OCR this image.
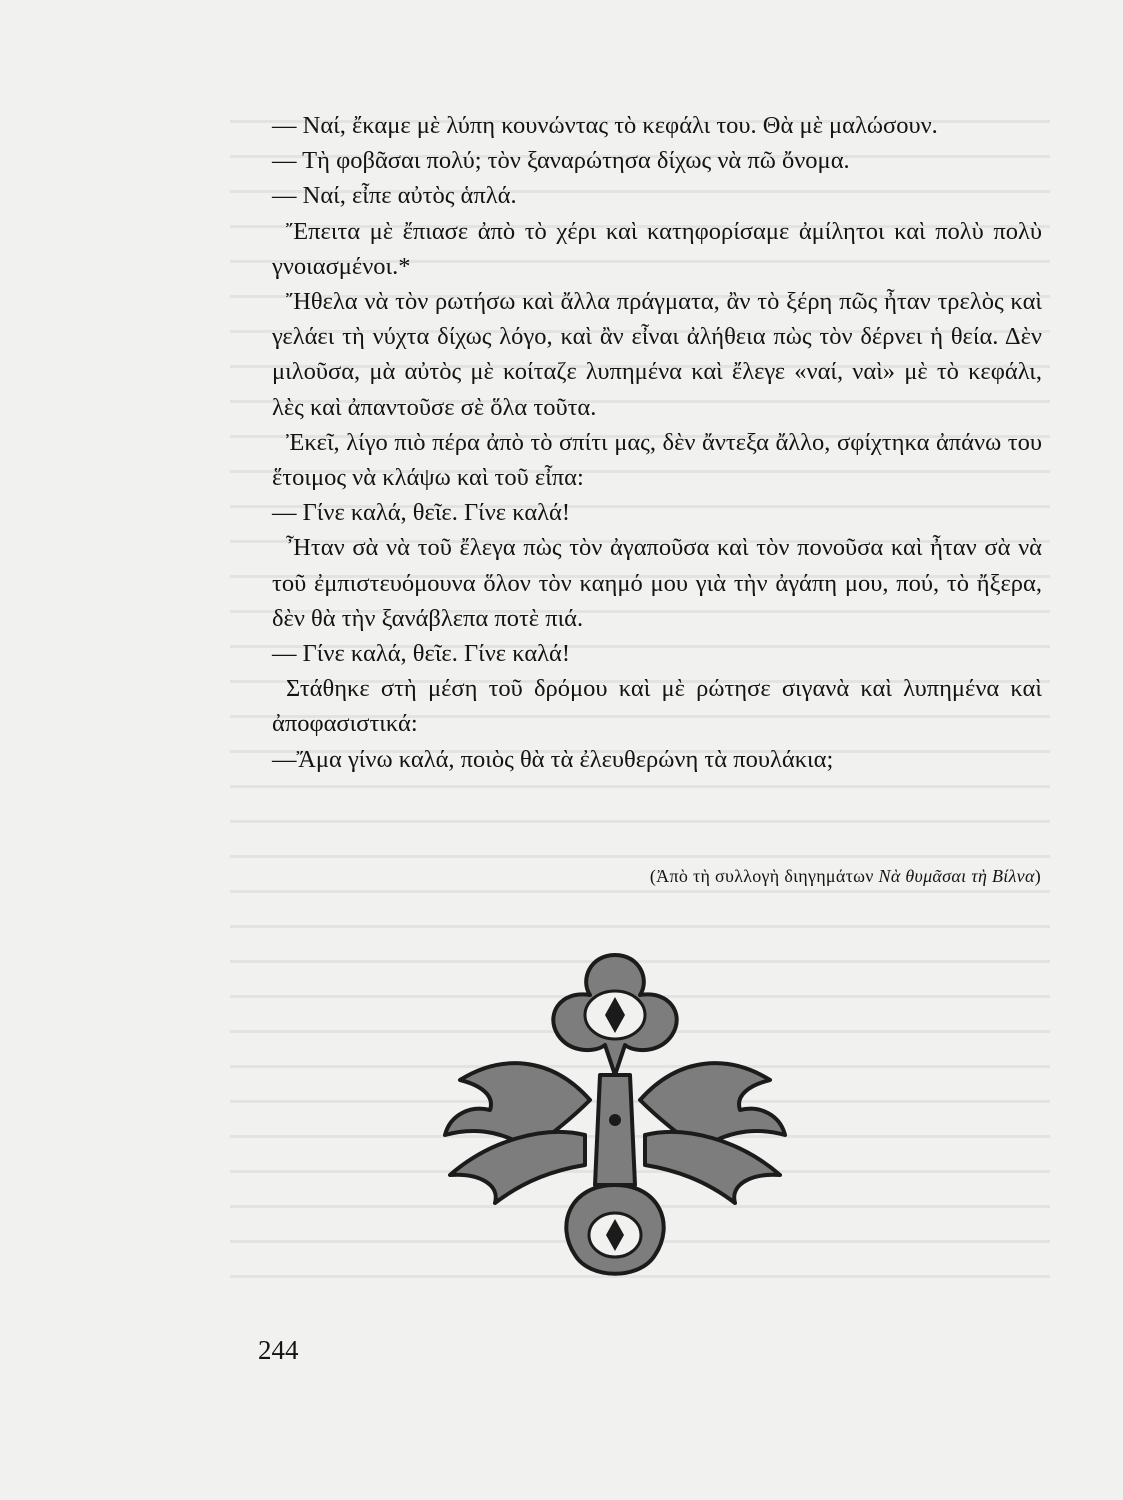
— Ναί, ἔκαμε μὲ λύπη κουνώντας τὸ κεφάλι του. Θὰ μὲ μαλώσουν.

— Τὴ φοβᾶσαι πολύ; τὸν ξαναρώτησα δίχως νὰ πῶ ὄνομα.

— Ναί, εἶπε αὐτὸς ἁπλά.

Ἔπειτα μὲ ἔπιασε ἀπὸ τὸ χέρι καὶ κατηφορίσαμε ἀμίλητοι καὶ πολὺ πολὺ γνοιασμένοι.*

Ἤθελα νὰ τὸν ρωτήσω καὶ ἄλλα πράγματα, ἂν τὸ ξέρη πῶς ἦταν τρελὸς καὶ γελάει τὴ νύχτα δίχως λόγο, καὶ ἂν εἶναι ἀλήθεια πὼς τὸν δέρνει ἡ θεία. Δὲν μιλοῦσα, μὰ αὐτὸς μὲ κοίταζε λυπημένα καὶ ἔλεγε «ναί, ναὶ» μὲ τὸ κεφάλι, λὲς καὶ ἀπαντοῦσε σὲ ὅλα τοῦτα.

Ἐκεῖ, λίγο πιὸ πέρα ἀπὸ τὸ σπίτι μας, δὲν ἄντεξα ἄλλο, σφίχτηκα ἀπάνω του ἕτοιμος νὰ κλάψω καὶ τοῦ εἶπα:

— Γίνε καλά, θεῖε. Γίνε καλά!

Ἦταν σὰ νὰ τοῦ ἔλεγα πὼς τὸν ἀγαποῦσα καὶ τὸν πονοῦσα καὶ ἦταν σὰ νὰ τοῦ ἐμπιστευόμουνα ὅλον τὸν καημό μου γιὰ τὴν ἀγάπη μου, πού, τὸ ἤξερα, δὲν θὰ τὴν ξανάβλεπα ποτὲ πιά.

— Γίνε καλά, θεῖε. Γίνε καλά!

Στάθηκε στὴ μέση τοῦ δρόμου καὶ μὲ ρώτησε σιγανὰ καὶ λυπημένα καὶ ἀποφασιστικά:

—Ἄμα γίνω καλά, ποιὸς θὰ τὰ ἐλευθερώνη τὰ πουλάκια;

(Ἀπὸ τὴ συλλογὴ διηγημάτων Νὰ θυμᾶσαι τὴ Βίλνα)
244
